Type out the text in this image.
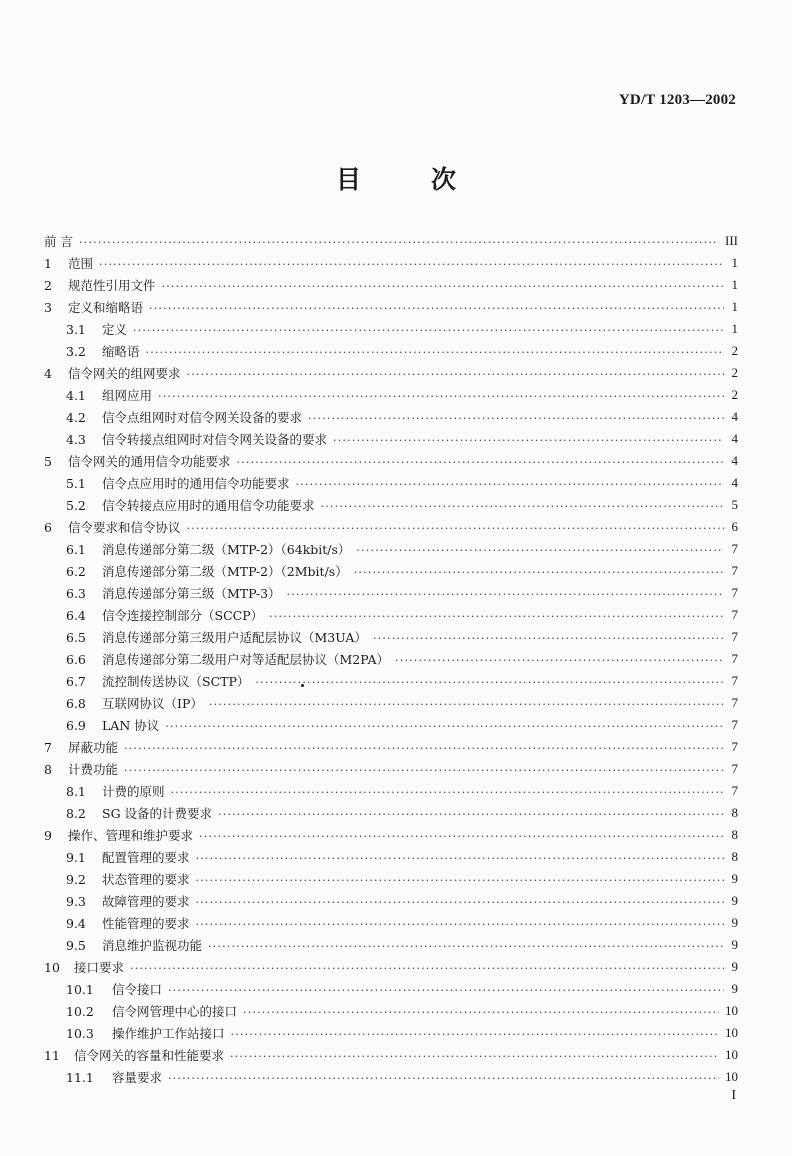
YD/T 1203—2002
目	次
前 言 ·····	III
1	范围 ·····	1
2	规范性引用文件 ·····	1
3	定义和缩略语 ·····	1
3.1	定义 ·····	1
3.2	缩略语 ·····	2
4	信令网关的组网要求 ·····	2
4.1	组网应用 ·····	2
4.2	信令点组网时对信令网关设备的要求 ·····	4
4.3	信令转接点组网时对信令网关设备的要求 ·····	4
5	信令网关的通用信令功能要求 ·····	4
5.1	信令点应用时的通用信令功能要求 ·····	4
5.2	信令转接点应用时的通用信令功能要求 ·····	5
6	信令要求和信令协议 ·····	6
6.1	消息传递部分第二级（MTP-2）（64kbit/s） ·····	7
6.2	消息传递部分第二级（MTP-2）（2Mbit/s） ·····	7
6.3	消息传递部分第三级（MTP-3） ·····	7
6.4	信令连接控制部分（SCCP） ·····	7
6.5	消息传递部分第三级用户适配层协议（M3UA） ·····	7
6.6	消息传递部分第二级用户对等适配层协议（M2PA） ·····	7
6.7	流控制传送协议（SCTP） ·····	7
6.8	互联网协议（IP） ·····	7
6.9	LAN 协议 ·····	7
7	屏蔽功能 ·····	7
8	计费功能 ·····	7
8.1	计费的原则 ·····	7
8.2	SG 设备的计费要求 ·····	8
9	操作、管理和维护要求 ·····	8
9.1	配置管理的要求 ·····	8
9.2	状态管理的要求 ·····	9
9.3	故障管理的要求 ·····	9
9.4	性能管理的要求 ·····	9
9.5	消息维护监视功能 ·····	9
10	接口要求 ·····	9
10.1	信令接口 ·····	9
10.2	信令网管理中心的接口 ·····	10
10.3	操作维护工作站接口 ·····	10
11	信令网关的容量和性能要求 ·····	10
11.1	容量要求 ·····	10
I
